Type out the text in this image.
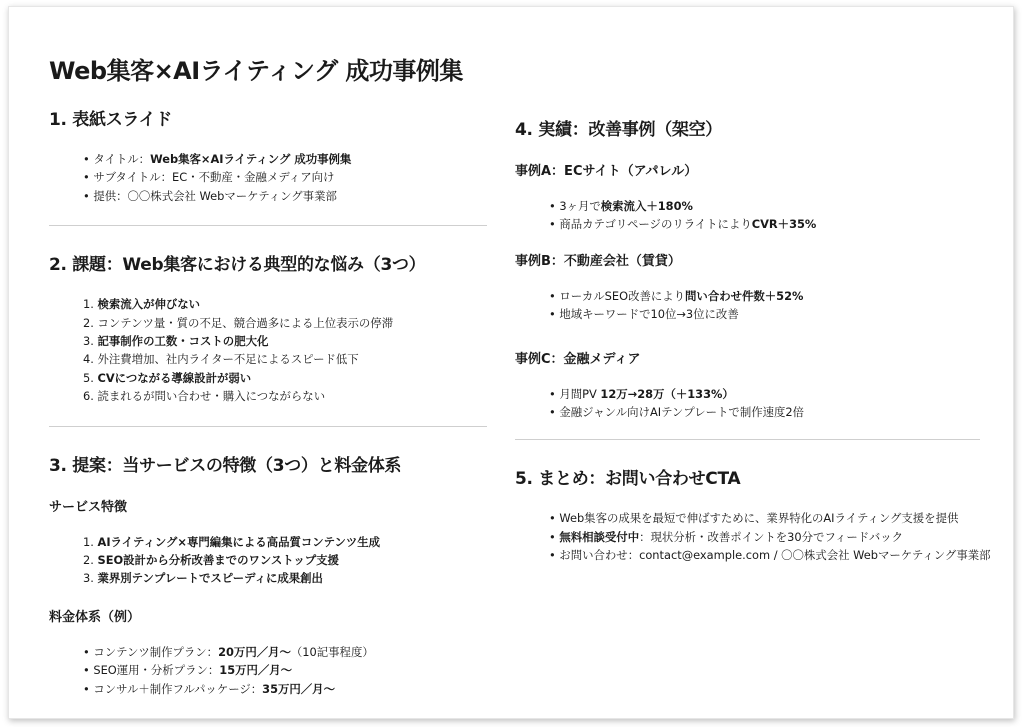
Web集客×AIライティング 成功事例集
1. 表紙スライド
• タイトル：Web集客×AIライティング 成功事例集
• サブタイトル：EC・不動産・金融メディア向け
• 提供：〇〇株式会社 Webマーケティング事業部
2. 課題：Web集客における典型的な悩み（3つ）
1. 検索流入が伸びない
2. コンテンツ量・質の不足、競合過多による上位表示の停滞
3. 記事制作の工数・コストの肥大化
4. 外注費増加、社内ライター不足によるスピード低下
5. CVにつながる導線設計が弱い
6. 読まれるが問い合わせ・購入につながらない
3. 提案：当サービスの特徴（3つ）と料金体系
サービス特徴
1. AIライティング×専門編集による高品質コンテンツ生成
2. SEO設計から分析改善までのワンストップ支援
3. 業界別テンプレートでスピーディに成果創出
料金体系（例）
• コンテンツ制作プラン：20万円／月〜（10記事程度）
• SEO運用・分析プラン：15万円／月〜
• コンサル＋制作フルパッケージ：35万円／月〜
4. 実績：改善事例（架空）
事例A：ECサイト（アパレル）
• 3ヶ月で検索流入＋180%
• 商品カテゴリページのリライトによりCVR＋35%
事例B：不動産会社（賃貸）
• ローカルSEO改善により問い合わせ件数＋52%
• 地域キーワードで10位→3位に改善
事例C：金融メディア
• 月間PV 12万→28万（＋133%）
• 金融ジャンル向けAIテンプレートで制作速度2倍
5. まとめ：お問い合わせCTA
• Web集客の成果を最短で伸ばすために、業界特化のAIライティング支援を提供
• 無料相談受付中：現状分析・改善ポイントを30分でフィードバック
• お問い合わせ：contact@example.com / 〇〇株式会社 Webマーケティング事業部
